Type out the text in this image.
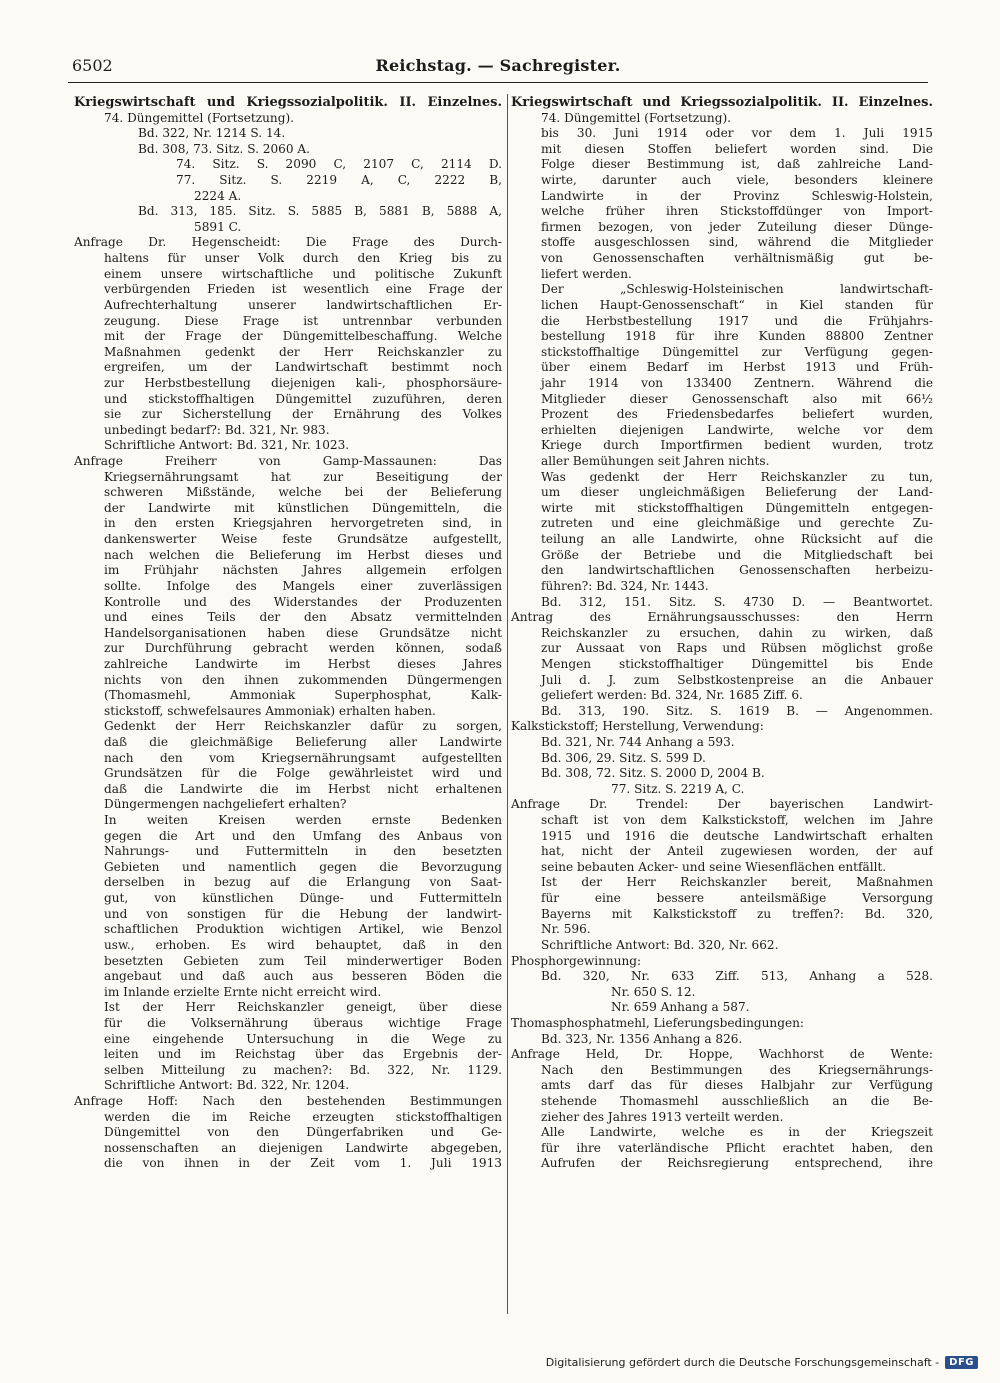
6502	Reichstag. — Sachregister.
Kriegswirtschaft und Kriegssozialpolitik. II. Einzelnes.
74. Düngemittel (Fortsetzung).
Bd. 322, Nr. 1214 S. 14.
Bd. 308, 73. Sitz. S. 2060 A.
74. Sitz. S. 2090 C, 2107 C, 2114 D.
77. Sitz. S. 2219 A, C, 2222 B,
2224 A.
Bd. 313, 185. Sitz. S. 5885 B, 5881 B, 5888 A,
5891 C.
Anfrage Dr. Hegenscheidt: Die Frage des Durch-
haltens für unser Volk durch den Krieg bis zu
einem unsere wirtschaftliche und politische Zukunft
verbürgenden Frieden ist wesentlich eine Frage der
Aufrechterhaltung unserer landwirtschaftlichen Er-
zeugung. Diese Frage ist untrennbar verbunden
mit der Frage der Düngemittelbeschaffung. Welche
Maßnahmen gedenkt der Herr Reichskanzler zu
ergreifen, um der Landwirtschaft bestimmt noch
zur Herbstbestellung diejenigen kali-, phosphorsäure-
und stickstoffhaltigen Düngemittel zuzuführen, deren
sie zur Sicherstellung der Ernährung des Volkes
unbedingt bedarf?: Bd. 321, Nr. 983.
Schriftliche Antwort: Bd. 321, Nr. 1023.
Anfrage Freiherr von Gamp-Massaunen: Das
Kriegsernährungsamt hat zur Beseitigung der
schweren Mißstände, welche bei der Belieferung
der Landwirte mit künstlichen Düngemitteln, die
in den ersten Kriegsjahren hervorgetreten sind, in
dankenswerter Weise feste Grundsätze aufgestellt,
nach welchen die Belieferung im Herbst dieses und
im Frühjahr nächsten Jahres allgemein erfolgen
sollte. Infolge des Mangels einer zuverlässigen
Kontrolle und des Widerstandes der Produzenten
und eines Teils der den Absatz vermittelnden
Handelsorganisationen haben diese Grundsätze nicht
zur Durchführung gebracht werden können, sodaß
zahlreiche Landwirte im Herbst dieses Jahres
nichts von den ihnen zukommenden Düngermengen
(Thomasmehl, Ammoniak Superphosphat, Kalk-
stickstoff, schwefelsaures Ammoniak) erhalten haben.
Gedenkt der Herr Reichskanzler dafür zu sorgen,
daß die gleichmäßige Belieferung aller Landwirte
nach den vom Kriegsernährungsamt aufgestellten
Grundsätzen für die Folge gewährleistet wird und
daß die Landwirte die im Herbst nicht erhaltenen
Düngermengen nachgeliefert erhalten?
In weiten Kreisen werden ernste Bedenken
gegen die Art und den Umfang des Anbaus von
Nahrungs- und Futtermitteln in den besetzten
Gebieten und namentlich gegen die Bevorzugung
derselben in bezug auf die Erlangung von Saat-
gut, von künstlichen Dünge- und Futtermitteln
und von sonstigen für die Hebung der landwirt-
schaftlichen Produktion wichtigen Artikel, wie Benzol
usw., erhoben. Es wird behauptet, daß in den
besetzten Gebieten zum Teil minderwertiger Boden
angebaut und daß auch aus besseren Böden die
im Inlande erzielte Ernte nicht erreicht wird.
Ist der Herr Reichskanzler geneigt, über diese
für die Volksernährung überaus wichtige Frage
eine eingehende Untersuchung in die Wege zu
leiten und im Reichstag über das Ergebnis der-
selben Mitteilung zu machen?: Bd. 322, Nr. 1129.
Schriftliche Antwort: Bd. 322, Nr. 1204.
Anfrage Hoff: Nach den bestehenden Bestimmungen
werden die im Reiche erzeugten stickstoffhaltigen
Düngemittel von den Düngerfabriken und Ge-
nossenschaften an diejenigen Landwirte abgegeben,
die von ihnen in der Zeit vom 1. Juli 1913
Kriegswirtschaft und Kriegssozialpolitik. II. Einzelnes.
74. Düngemittel (Fortsetzung).
bis 30. Juni 1914 oder vor dem 1. Juli 1915
mit diesen Stoffen beliefert worden sind. Die
Folge dieser Bestimmung ist, daß zahlreiche Land-
wirte, darunter auch viele, besonders kleinere
Landwirte in der Provinz Schleswig-Holstein,
welche früher ihren Stickstoffdünger von Import-
firmen bezogen, von jeder Zuteilung dieser Dünge-
stoffe ausgeschlossen sind, während die Mitglieder
von Genossenschaften verhältnismäßig gut be-
liefert werden.
Der „Schleswig-Holsteinischen landwirtschaft-
lichen Haupt-Genossenschaft“ in Kiel standen für
die Herbstbestellung 1917 und die Frühjahrs-
bestellung 1918 für ihre Kunden 88800 Zentner
stickstoffhaltige Düngemittel zur Verfügung gegen-
über einem Bedarf im Herbst 1913 und Früh-
jahr 1914 von 133400 Zentnern. Während die
Mitglieder dieser Genossenschaft also mit 66½
Prozent des Friedensbedarfes beliefert wurden,
erhielten diejenigen Landwirte, welche vor dem
Kriege durch Importfirmen bedient wurden, trotz
aller Bemühungen seit Jahren nichts.
Was gedenkt der Herr Reichskanzler zu tun,
um dieser ungleichmäßigen Belieferung der Land-
wirte mit stickstoffhaltigen Düngemitteln entgegen-
zutreten und eine gleichmäßige und gerechte Zu-
teilung an alle Landwirte, ohne Rücksicht auf die
Größe der Betriebe und die Mitgliedschaft bei
den landwirtschaftlichen Genossenschaften herbeizu-
führen?: Bd. 324, Nr. 1443.
Bd. 312, 151. Sitz. S. 4730 D. — Beantwortet.
Antrag des Ernährungsausschusses: den Herrn
Reichskanzler zu ersuchen, dahin zu wirken, daß
zur Aussaat von Raps und Rübsen möglichst große
Mengen stickstoffhaltiger Düngemittel bis Ende
Juli d. J. zum Selbstkostenpreise an die Anbauer
geliefert werden: Bd. 324, Nr. 1685 Ziff. 6.
Bd. 313, 190. Sitz. S. 1619 B. — Angenommen.
Kalkstickstoff; Herstellung, Verwendung:
Bd. 321, Nr. 744 Anhang a 593.
Bd. 306, 29. Sitz. S. 599 D.
Bd. 308, 72. Sitz. S. 2000 D, 2004 B.
77. Sitz. S. 2219 A, C.
Anfrage Dr. Trendel: Der bayerischen Landwirt-
schaft ist von dem Kalkstickstoff, welchen im Jahre
1915 und 1916 die deutsche Landwirtschaft erhalten
hat, nicht der Anteil zugewiesen worden, der auf
seine bebauten Acker- und seine Wiesenflächen entfällt.
Ist der Herr Reichskanzler bereit, Maßnahmen
für eine bessere anteilsmäßige Versorgung
Bayerns mit Kalkstickstoff zu treffen?: Bd. 320,
Nr. 596.
Schriftliche Antwort: Bd. 320, Nr. 662.
Phosphorgewinnung:
Bd. 320, Nr. 633 Ziff. 513, Anhang a 528.
Nr. 650 S. 12.
Nr. 659 Anhang a 587.
Thomasphosphatmehl, Lieferungsbedingungen:
Bd. 323, Nr. 1356 Anhang a 826.
Anfrage Held, Dr. Hoppe, Wachhorst de Wente:
Nach den Bestimmungen des Kriegsernährungs-
amts darf das für dieses Halbjahr zur Verfügung
stehende Thomasmehl ausschließlich an die Be-
zieher des Jahres 1913 verteilt werden.
Alle Landwirte, welche es in der Kriegszeit
für ihre vaterländische Pflicht erachtet haben, den
Aufrufen der Reichsregierung entsprechend, ihre
Digitalisierung gefördert durch die Deutsche Forschungsgemeinschaft -	DFG
